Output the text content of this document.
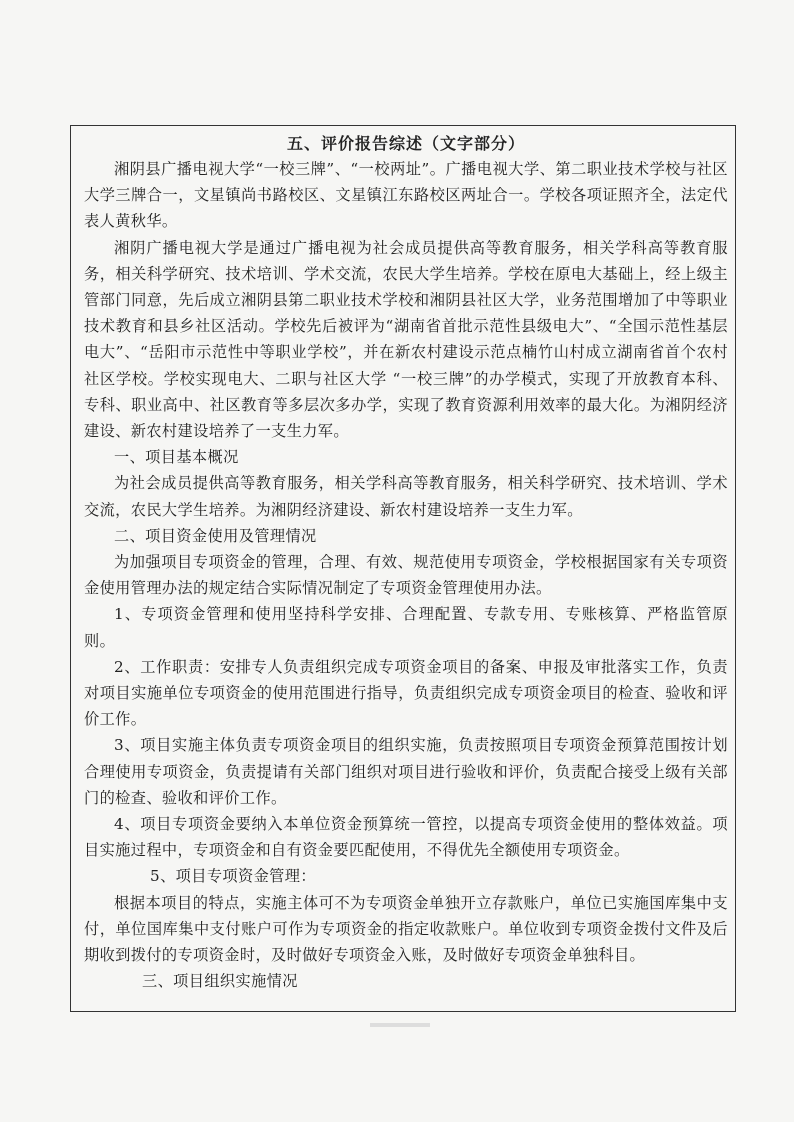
五、评价报告综述（文字部分）

湘阴县广播电视大学“一校三牌”、“一校两址”。广播电视大学、第二职业技术学校与社区大学三牌合一，文星镇尚书路校区、文星镇江东路校区两址合一。学校各项证照齐全，法定代表人黄秋华。

湘阴广播电视大学是通过广播电视为社会成员提供高等教育服务，相关学科高等教育服务，相关科学研究、技术培训、学术交流，农民大学生培养。学校在原电大基础上，经上级主管部门同意，先后成立湘阴县第二职业技术学校和湘阴县社区大学，业务范围增加了中等职业技术教育和县乡社区活动。学校先后被评为“湖南省首批示范性县级电大”、“全国示范性基层电大”、“岳阳市示范性中等职业学校”，并在新农村建设示范点楠竹山村成立湖南省首个农村社区学校。学校实现电大、二职与社区大学 “一校三牌”的办学模式，实现了开放教育本科、专科、职业高中、社区教育等多层次多办学，实现了教育资源利用效率的最大化。为湘阴经济建设、新农村建设培养了一支生力军。

一、项目基本概况

为社会成员提供高等教育服务，相关学科高等教育服务，相关科学研究、技术培训、学术交流，农民大学生培养。为湘阴经济建设、新农村建设培养一支生力军。

二、项目资金使用及管理情况

为加强项目专项资金的管理，合理、有效、规范使用专项资金，学校根据国家有关专项资金使用管理办法的规定结合实际情况制定了专项资金管理使用办法。

1、专项资金管理和使用坚持科学安排、合理配置、专款专用、专账核算、严格监管原则。

2、工作职责：安排专人负责组织完成专项资金项目的备案、申报及审批落实工作，负责对项目实施单位专项资金的使用范围进行指导，负责组织完成专项资金项目的检查、验收和评价工作。

3、项目实施主体负责专项资金项目的组织实施，负责按照项目专项资金预算范围按计划合理使用专项资金，负责提请有关部门组织对项目进行验收和评价，负责配合接受上级有关部门的检查、验收和评价工作。

4、项目专项资金要纳入本单位资金预算统一管控，以提高专项资金使用的整体效益。项目实施过程中，专项资金和自有资金要匹配使用，不得优先全额使用专项资金。

5、项目专项资金管理：

根据本项目的特点，实施主体可不为专项资金单独开立存款账户，单位已实施国库集中支付，单位国库集中支付账户可作为专项资金的指定收款账户。单位收到专项资金拨付文件及后期收到拨付的专项资金时，及时做好专项资金入账，及时做好专项资金单独科目。

三、项目组织实施情况
